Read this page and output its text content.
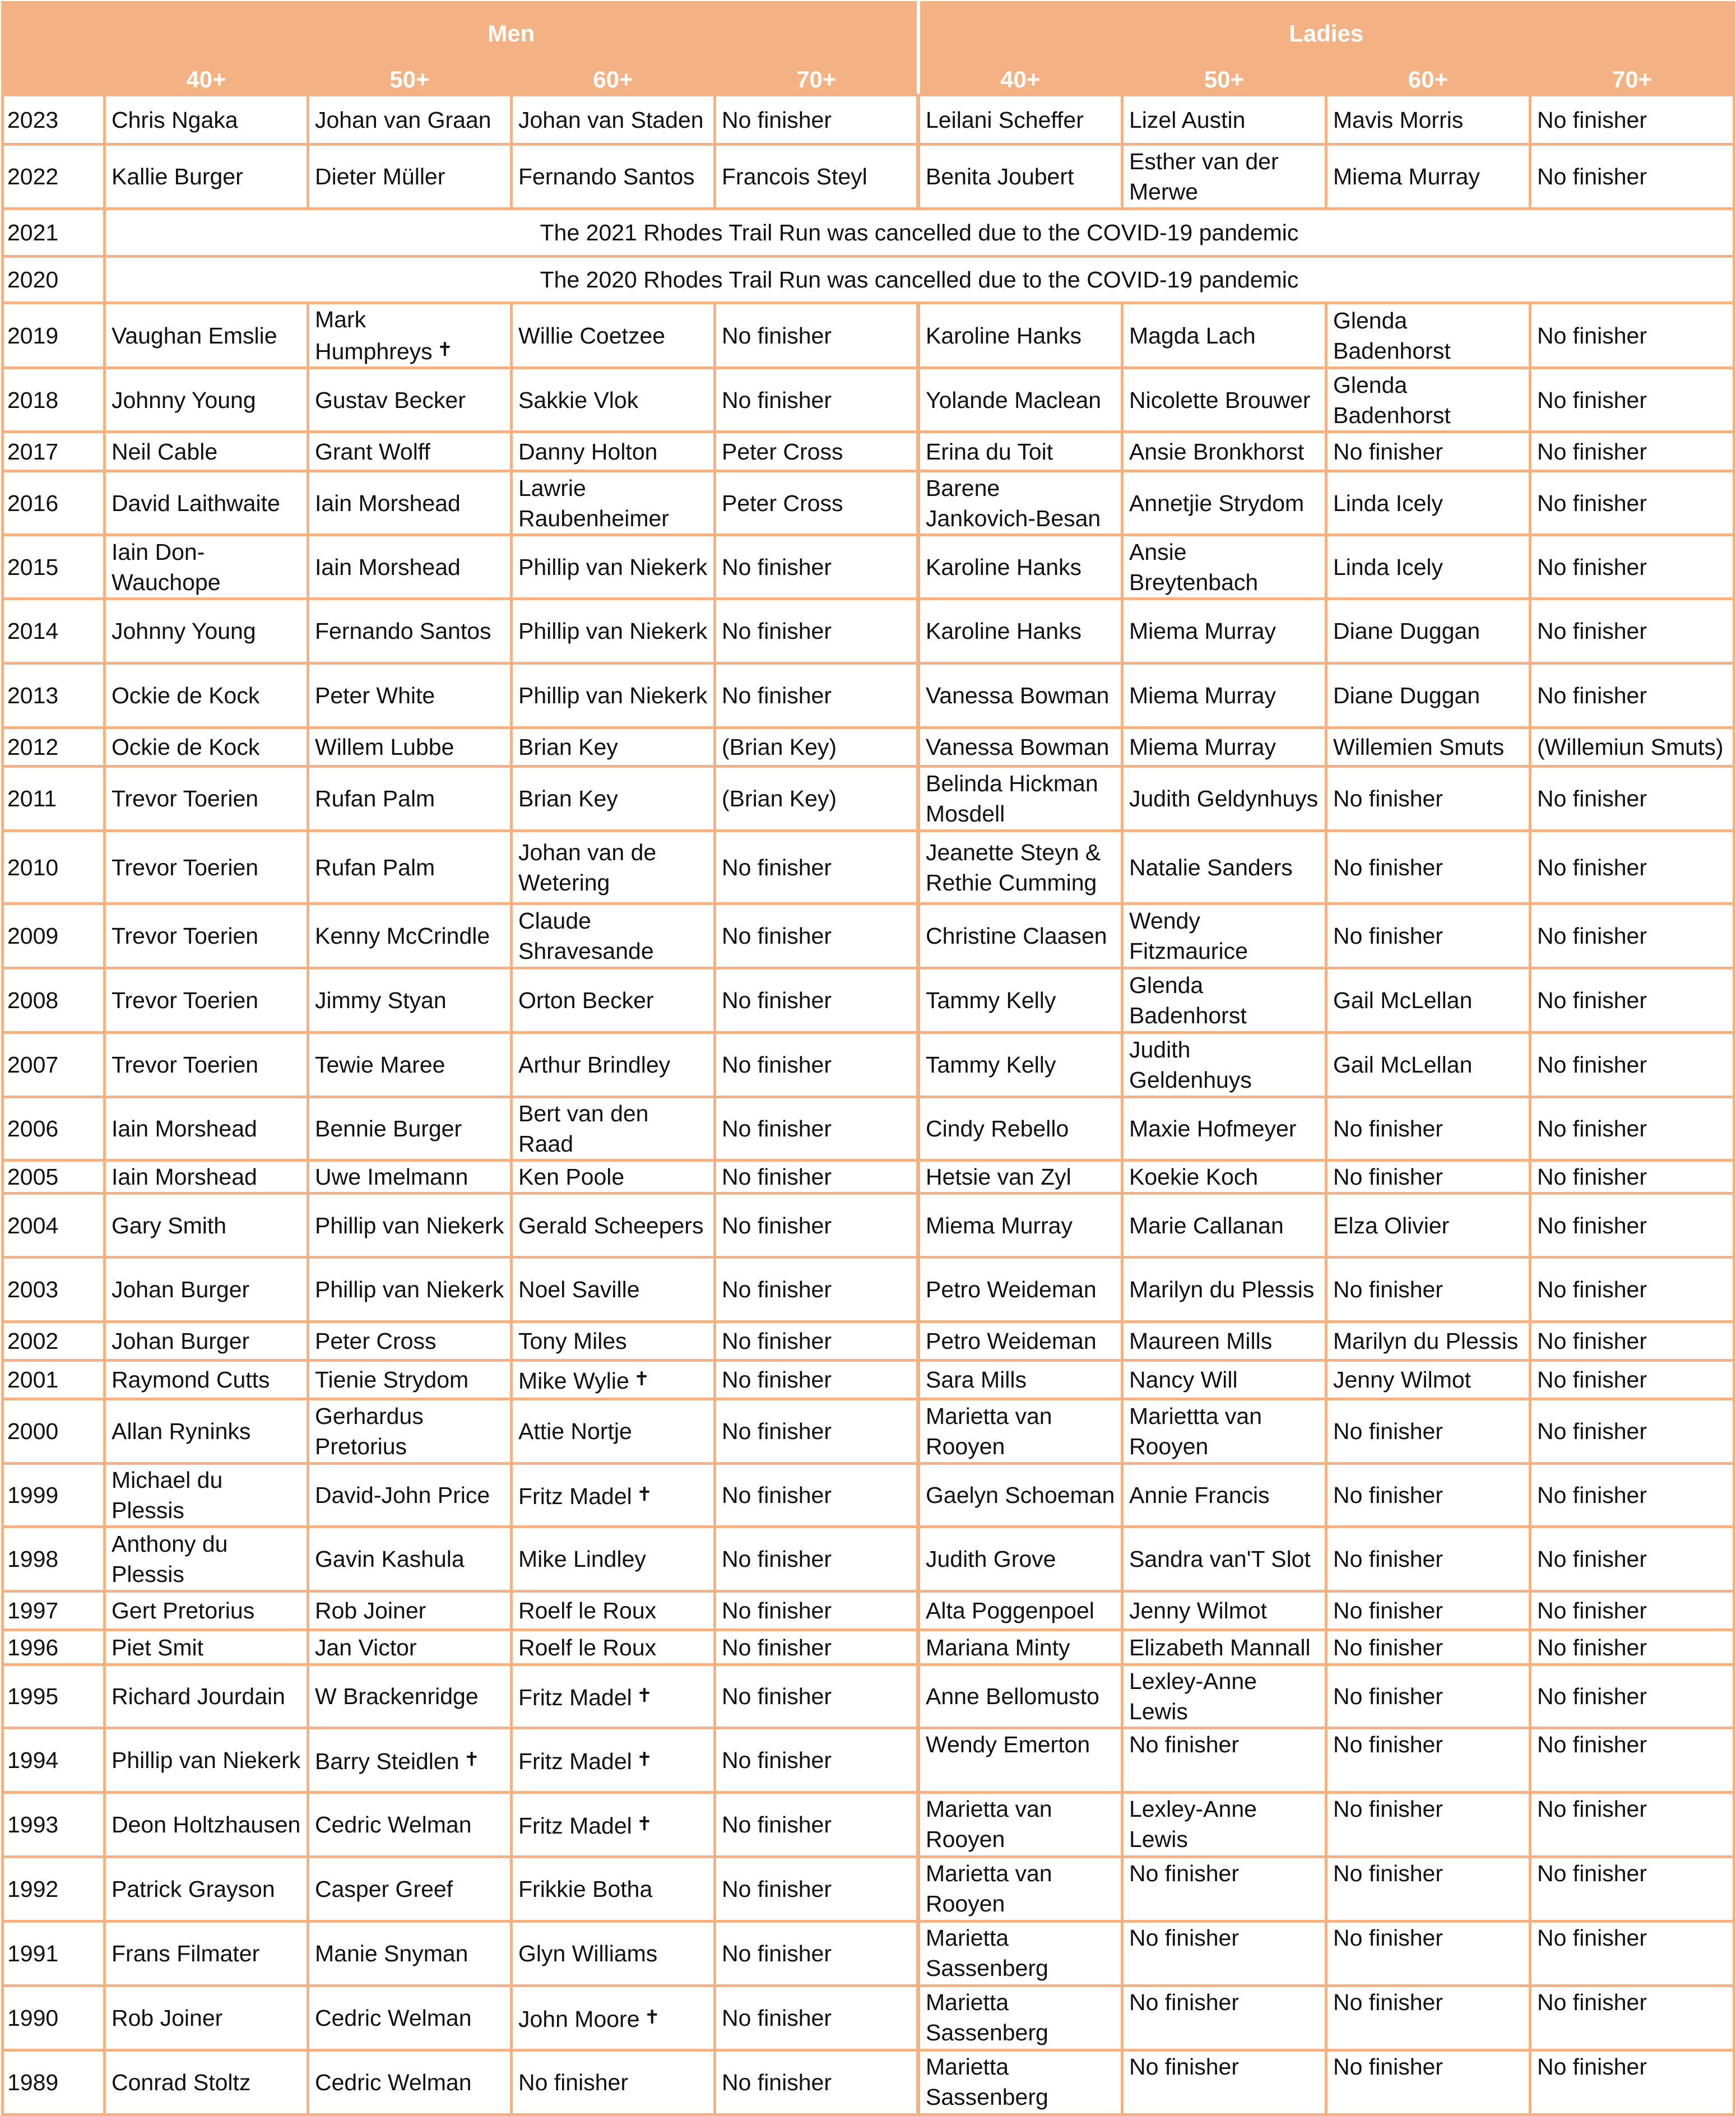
	Men				Ladies			
	40+	50+	60+	70+	40+	50+	60+	70+
2023	Chris Ngaka	Johan van Graan	Johan van Staden	No finisher	Leilani Scheffer	Lizel Austin	Mavis Morris	No finisher
2022	Kallie Burger	Dieter Müller	Fernando Santos	Francois Steyl	Benita Joubert	Esther van der Merwe	Miema Murray	No finisher
2021	The 2021 Rhodes Trail Run was cancelled due to the COVID-19 pandemic							
2020	The 2020 Rhodes Trail Run was cancelled due to the COVID-19 pandemic							
2019	Vaughan Emslie	Mark Humphreys ✝	Willie Coetzee	No finisher	Karoline Hanks	Magda Lach	Glenda Badenhorst	No finisher
2018	Johnny Young	Gustav Becker	Sakkie Vlok	No finisher	Yolande Maclean	Nicolette Brouwer	Glenda Badenhorst	No finisher
2017	Neil Cable	Grant Wolff	Danny Holton	Peter Cross	Erina du Toit	Ansie Bronkhorst	No finisher	No finisher
2016	David Laithwaite	Iain Morshead	Lawrie Raubenheimer	Peter Cross	Barene Jankovich-Besan	Annetjie Strydom	Linda Icely	No finisher
2015	Iain Don-Wauchope	Iain Morshead	Phillip van Niekerk	No finisher	Karoline Hanks	Ansie Breytenbach	Linda Icely	No finisher
2014	Johnny Young	Fernando Santos	Phillip van Niekerk	No finisher	Karoline Hanks	Miema Murray	Diane Duggan	No finisher
2013	Ockie de Kock	Peter White	Phillip van Niekerk	No finisher	Vanessa Bowman	Miema Murray	Diane Duggan	No finisher
2012	Ockie de Kock	Willem Lubbe	Brian Key	(Brian Key)	Vanessa Bowman	Miema Murray	Willemien Smuts	(Willemiun Smuts)
2011	Trevor Toerien	Rufan Palm	Brian Key	(Brian Key)	Belinda Hickman Mosdell	Judith Geldynhuys	No finisher	No finisher
2010	Trevor Toerien	Rufan Palm	Johan van de Wetering	No finisher	Jeanette Steyn & Rethie Cumming	Natalie Sanders	No finisher	No finisher
2009	Trevor Toerien	Kenny McCrindle	Claude Shravesande	No finisher	Christine Claasen	Wendy Fitzmaurice	No finisher	No finisher
2008	Trevor Toerien	Jimmy Styan	Orton Becker	No finisher	Tammy Kelly	Glenda Badenhorst	Gail McLellan	No finisher
2007	Trevor Toerien	Tewie Maree	Arthur Brindley	No finisher	Tammy Kelly	Judith Geldenhuys	Gail McLellan	No finisher
2006	Iain Morshead	Bennie Burger	Bert van den Raad	No finisher	Cindy Rebello	Maxie Hofmeyer	No finisher	No finisher
2005	Iain Morshead	Uwe Imelmann	Ken Poole	No finisher	Hetsie van Zyl	Koekie Koch	No finisher	No finisher
2004	Gary Smith	Phillip van Niekerk	Gerald Scheepers	No finisher	Miema Murray	Marie Callanan	Elza Olivier	No finisher
2003	Johan Burger	Phillip van Niekerk	Noel Saville	No finisher	Petro Weideman	Marilyn du Plessis	No finisher	No finisher
2002	Johan Burger	Peter Cross	Tony Miles	No finisher	Petro Weideman	Maureen Mills	Marilyn du Plessis	No finisher
2001	Raymond Cutts	Tienie Strydom	Mike Wylie ✝	No finisher	Sara Mills	Nancy Will	Jenny Wilmot	No finisher
2000	Allan Ryninks	Gerhardus Pretorius	Attie Nortje	No finisher	Marietta van Rooyen	Mariettta van Rooyen	No finisher	No finisher
1999	Michael du Plessis	David-John Price	Fritz Madel ✝	No finisher	Gaelyn Schoeman	Annie Francis	No finisher	No finisher
1998	Anthony du Plessis	Gavin Kashula	Mike Lindley	No finisher	Judith Grove	Sandra van'T Slot	No finisher	No finisher
1997	Gert Pretorius	Rob Joiner	Roelf le Roux	No finisher	Alta Poggenpoel	Jenny Wilmot	No finisher	No finisher
1996	Piet Smit	Jan Victor	Roelf le Roux	No finisher	Mariana Minty	Elizabeth Mannall	No finisher	No finisher
1995	Richard Jourdain	W Brackenridge	Fritz Madel ✝	No finisher	Anne Bellomusto	Lexley-Anne Lewis	No finisher	No finisher
1994	Phillip van Niekerk	Barry Steidlen ✝	Fritz Madel ✝	No finisher	Wendy Emerton	No finisher	No finisher	No finisher
1993	Deon Holtzhausen	Cedric Welman	Fritz Madel ✝	No finisher	Marietta van Rooyen	Lexley-Anne Lewis	No finisher	No finisher
1992	Patrick Grayson	Casper Greef	Frikkie Botha	No finisher	Marietta van Rooyen	No finisher	No finisher	No finisher
1991	Frans Filmater	Manie Snyman	Glyn Williams	No finisher	Marietta Sassenberg	No finisher	No finisher	No finisher
1990	Rob Joiner	Cedric Welman	John Moore ✝	No finisher	Marietta Sassenberg	No finisher	No finisher	No finisher
1989	Conrad Stoltz	Cedric Welman	No finisher	No finisher	Marietta Sassenberg	No finisher	No finisher	No finisher
